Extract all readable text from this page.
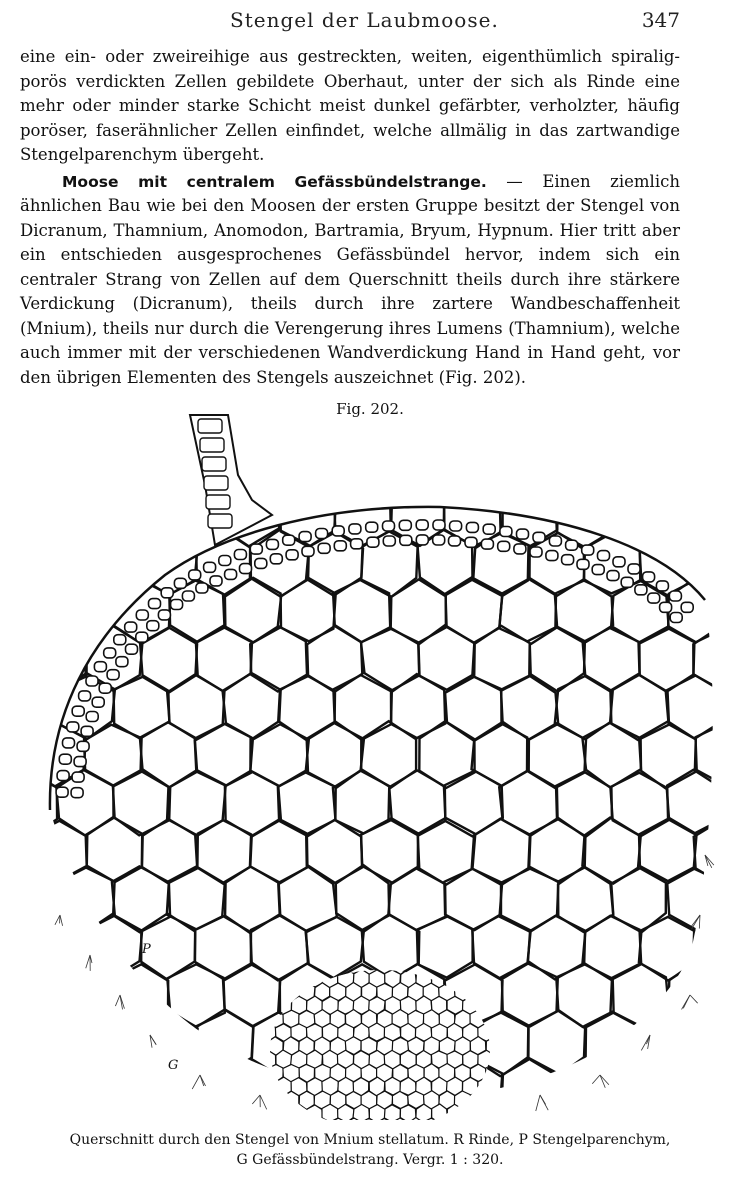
Stengel der Laubmoose.	347

eine ein- oder zweireihige aus gestreckten, weiten, eigenthümlich spiralig-porös verdickten Zellen gebildete Oberhaut, unter der sich als Rinde eine mehr oder minder starke Schicht meist dunkel gefärbter, verholzter, häufig poröser, faserähnlicher Zellen einfindet, welche allmälig in das zartwandige Stengelparenchym übergeht.

Moose mit centralem Gefässbündelstrange. — Einen ziemlich ähnlichen Bau wie bei den Moosen der ersten Gruppe besitzt der Stengel von Dicranum, Thamnium, Anomodon, Bartramia, Bryum, Hypnum. Hier tritt aber ein entschieden ausgesprochenes Gefässbündel hervor, indem sich ein centraler Strang von Zellen auf dem Querschnitt theils durch ihre stärkere Verdickung (Dicranum), theils durch ihre zartere Wandbeschaffenheit (Mnium), theils nur durch die Verengerung ihres Lumens (Thamnium), welche auch immer mit der verschiedenen Wandverdickung Hand in Hand geht, vor den übrigen Elementen des Stengels auszeichnet (Fig. 202).

Fig. 202.
P
G

Querschnitt durch den Stengel von Mnium stellatum. R Rinde, P Stengelparenchym,

G Gefässbündelstrang. Vergr. 1 : 320.
